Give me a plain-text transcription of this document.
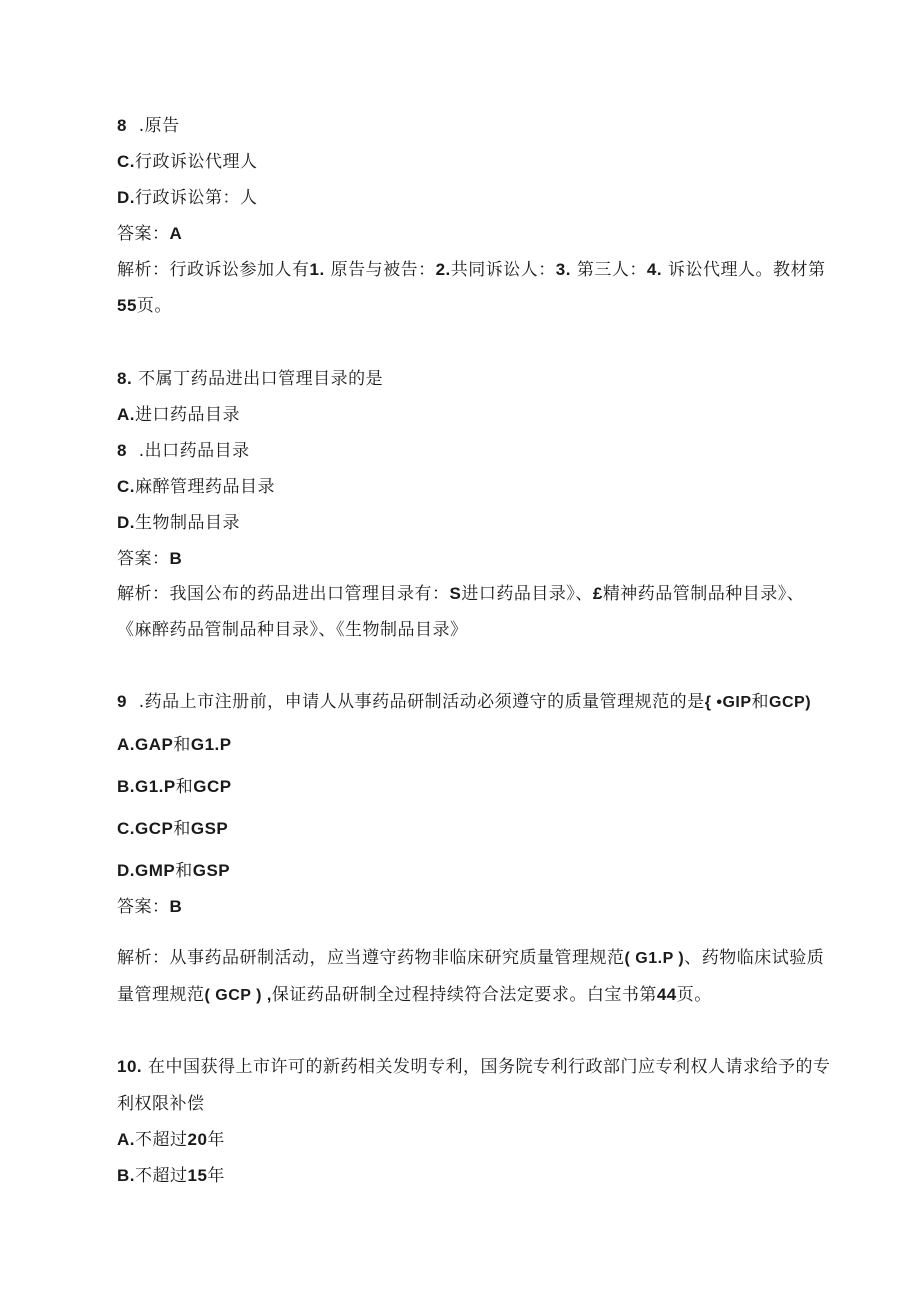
8 .原告
C.行政诉讼代理人
D.行政诉讼第：人
答案：A
解析：行政诉讼参加人有1. 原告与被告：2.共同诉讼人：3. 第三人：4. 诉讼代理人。教材第
55页。
8. 不属丁药品进出口管理目录的是
A.进口药品目录
8 .出口药品目录
C.麻醉管理药品目录
D.生物制品目录
答案：B
解析：我国公布的药品进出口管理目录有：S进口药品目录》、£精神药品管制品种目录》、
《麻醉药品管制品种目录》、《生物制品目录》
9 .药品上市注册前，申请人从事药品研制活动必须遵守的质量管理规范的是{ •GIP和GCP)
A.GAP和G1.P
B.G1.P和GCP
C.GCP和GSP
D.GMP和GSP
答案：B
解析：从事药品研制活动，应当遵守药物非临床研究质量管理规范( G1.P )、药物临床试验质
量管理规范( GCP ) ,保证药品研制全过程持续符合法定要求。白宝书第44页。
10. 在中国获得上市许可的新药相关发明专利，国务院专利行政部门应专利权人请求给予的专
利权限补偿
A.不超过20年
B.不超过15年
